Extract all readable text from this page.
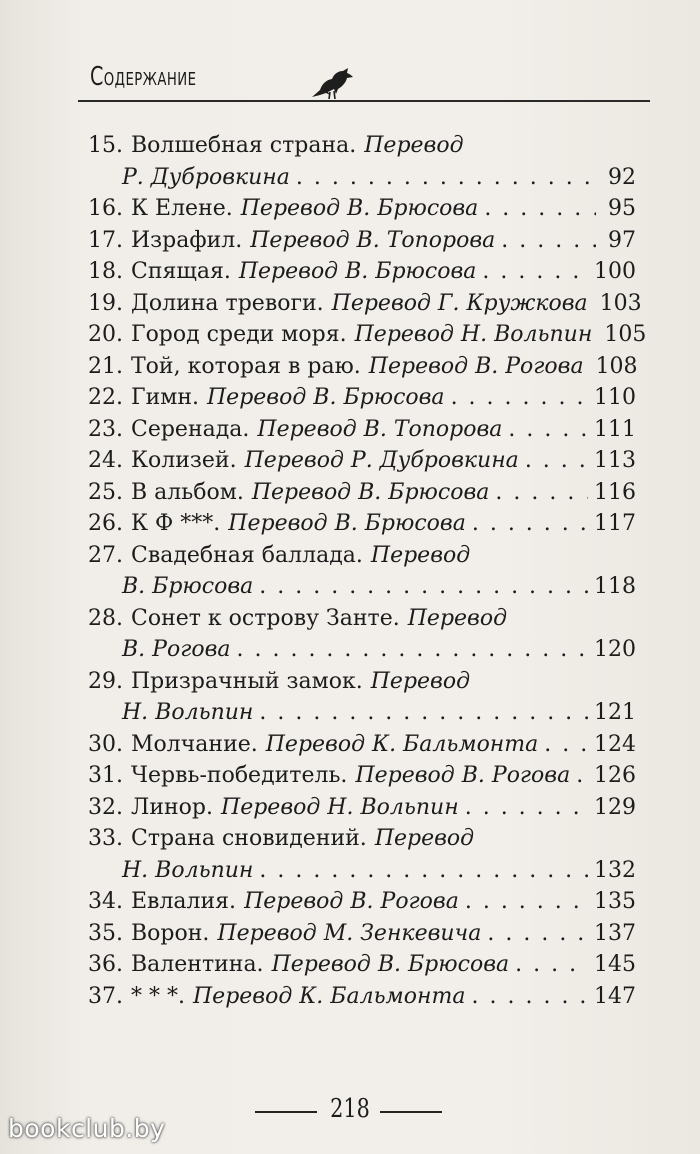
Содержание
15. Волшебная страна. Перевод
Р. Дубровкина . . .	92
16. К Елене. Перевод В. Брюсова . . .	95
17. Израфил. Перевод В. Топорова . . .	97
18. Спящая. Перевод В. Брюсова . . .	100
19. Долина тревоги. Перевод Г. Кружкова 103
20. Город среди моря. Перевод Н. Вольпин 105
21. Той, которая в раю. Перевод В. Рогова 108
22. Гимн. Перевод В. Брюсова . . .	110
23. Серенада. Перевод В. Топорова . . .	111
24. Колизей. Перевод Р. Дубровкина . . .	113
25. В альбом. Перевод В. Брюсова . . .	116
26. К Ф ***. Перевод В. Брюсова . . .	117
27. Свадебная баллада. Перевод
В. Брюсова . . .	118
28. Сонет к острову Занте. Перевод
В. Рогова . . .	120
29. Призрачный замок. Перевод
Н. Вольпин . . .	121
30. Молчание. Перевод К. Бальмонта . . .	124
31. Червь-победитель. Перевод В. Рогова . . . 126
32. Линор. Перевод Н. Вольпин . . .	129
33. Страна сновидений. Перевод
Н. Вольпин . . .	132
34. Евлалия. Перевод В. Рогова . . .	135
35. Ворон. Перевод М. Зенкевича . . .	137
36. Валентина. Перевод В. Брюсова . . .	145
37. * * *. Перевод К. Бальмонта . . .	147
218
bookclub.by
